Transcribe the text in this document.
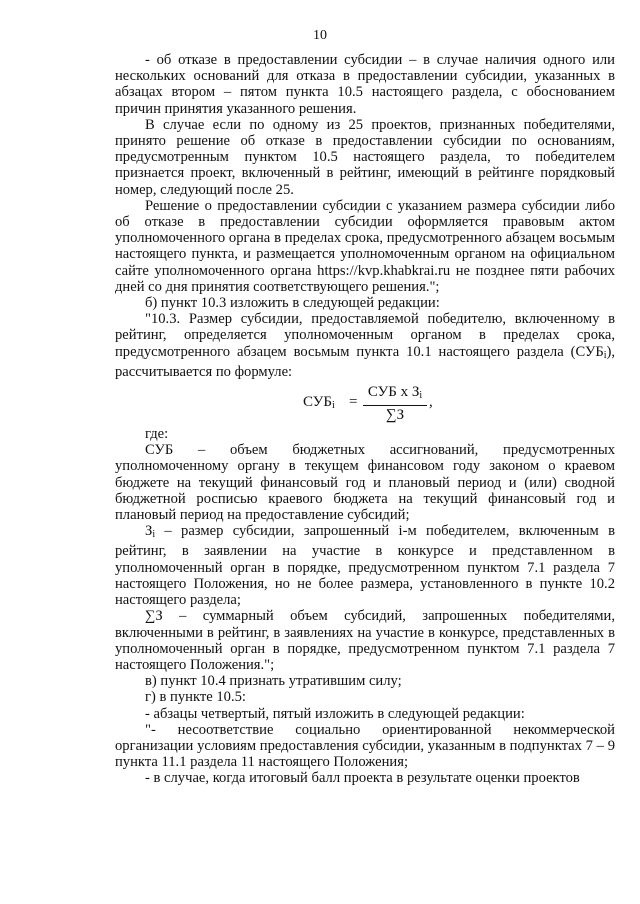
10

- об отказе в предоставлении субсидии – в случае наличия одного или нескольких оснований для отказа в предоставлении субсидии, указанных в абзацах втором – пятом пункта 10.5 настоящего раздела, с обоснованием причин принятия указанного решения.

В случае если по одному из 25 проектов, признанных победителями, принято решение об отказе в предоставлении субсидии по основаниям, предусмотренным пунктом 10.5 настоящего раздела, то победителем признается проект, включенный в рейтинг, имеющий в рейтинге порядковый номер, следующий после 25.

Решение о предоставлении субсидии с указанием размера субсидии либо об отказе в предоставлении субсидии оформляется правовым актом уполномоченного органа в пределах срока, предусмотренного абзацем восьмым настоящего пункта, и размещается уполномоченным органом на официальном сайте уполномоченного органа https://kvp.khabkrai.ru не позднее пяти рабочих дней со дня принятия соответствующего решения.";

б) пункт 10.3 изложить в следующей редакции:

"10.3. Размер субсидии, предоставляемой победителю, включенному в рейтинг, определяется уполномоченным органом в пределах срока, предусмотренного абзацем восьмым пункта 10.1 настоящего раздела $(СУБ_i)$, рассчитывается по формуле:

$СУБ_i$ =
СУБ х $З_i$
∑З
,

где:

СУБ – объем бюджетных ассигнований, предусмотренных уполномоченному органу в текущем финансовом году законом о краевом бюджете на текущий финансовый год и плановый период и (или) сводной бюджетной росписью краевого бюджета на текущий финансовый год и плановый период на предоставление субсидий;

$З_i$ – размер субсидии, запрошенный i-м победителем, включенным в рейтинг, в заявлении на участие в конкурсе и представленном в уполномоченный орган в порядке, предусмотренном пунктом 7.1 раздела 7 настоящего Положения, но не более размера, установленного в пункте 10.2 настоящего раздела;

∑З – суммарный объем субсидий, запрошенных победителями, включенными в рейтинг, в заявлениях на участие в конкурсе, представленных в уполномоченный орган в порядке, предусмотренном пунктом 7.1 раздела 7 настоящего Положения.";

в) пункт 10.4 признать утратившим силу;

г) в пункте 10.5:

- абзацы четвертый, пятый изложить в следующей редакции:

"- несоответствие социально ориентированной некоммерческой организации условиям предоставления субсидии, указанным в подпунктах 7 – 9 пункта 11.1 раздела 11 настоящего Положения;

- в случае, когда итоговый балл проекта в результате оценки проектов
